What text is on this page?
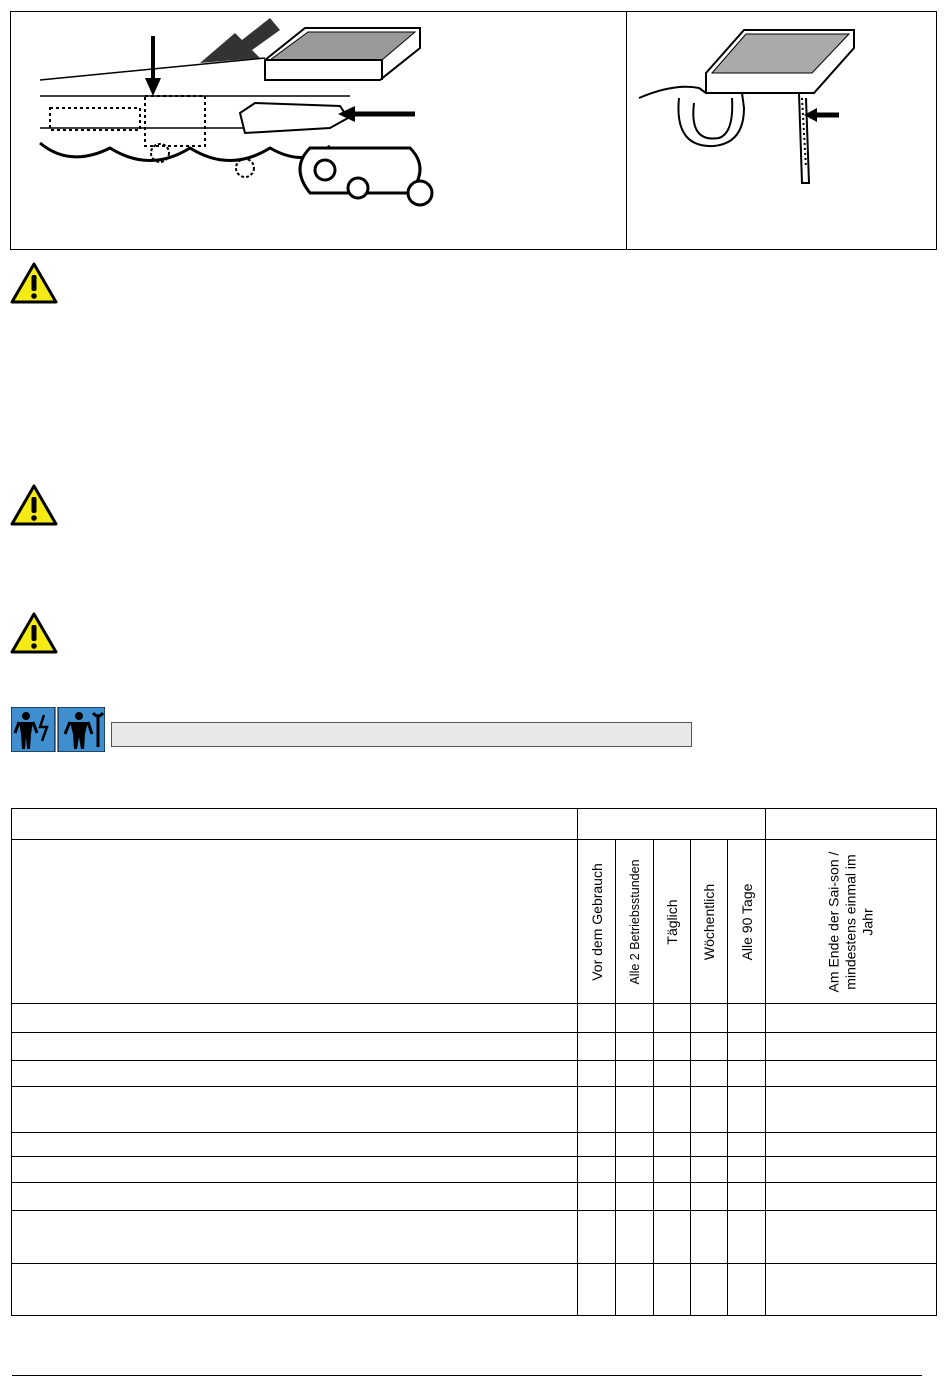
	Vor dem Gebrauch	Alle 2 Betriebsstunden	Täglich	Wöchentlich	Alle 90 Tage	Am Ende der Sai-son / mindestens einmal im Jahr
